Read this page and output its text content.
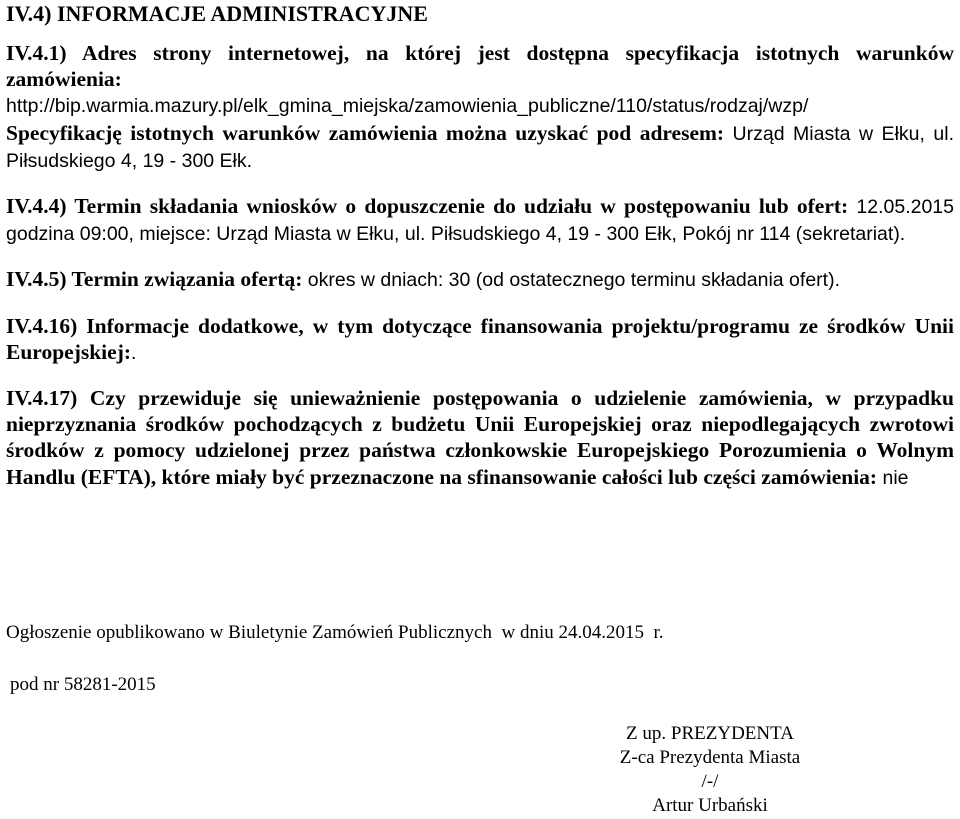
IV.4) INFORMACJE ADMINISTRACYJNE

IV.4.1) Adres strony internetowej, na której jest dostępna specyfikacja istotnych warunków zamówienia:
http://bip.warmia.mazury.pl/elk_gmina_miejska/zamowienia_publiczne/110/status/rodzaj/wzp/
Specyfikację istotnych warunków zamówienia można uzyskać pod adresem: Urząd Miasta w Ełku, ul. Piłsudskiego 4, 19 - 300 Ełk.

IV.4.4) Termin składania wniosków o dopuszczenie do udziału w postępowaniu lub ofert: 12.05.2015 godzina 09:00, miejsce: Urząd Miasta w Ełku, ul. Piłsudskiego 4, 19 - 300 Ełk, Pokój nr 114 (sekretariat).

IV.4.5) Termin związania ofertą: okres w dniach: 30 (od ostatecznego terminu składania ofert).

IV.4.16) Informacje dodatkowe, w tym dotyczące finansowania projektu/programu ze środków Unii Europejskiej:.

IV.4.17) Czy przewiduje się unieważnienie postępowania o udzielenie zamówienia, w przypadku nieprzyznania środków pochodzących z budżetu Unii Europejskiej oraz niepodlegających zwrotowi środków z pomocy udzielonej przez państwa członkowskie Europejskiego Porozumienia o Wolnym Handlu (EFTA), które miały być przeznaczone na sfinansowanie całości lub części zamówienia: nie

Ogłoszenie opublikowano w Biuletynie Zamówień Publicznych  w dniu 24.04.2015  r.

pod nr 58281-2015

Z up. PREZYDENTA
Z-ca Prezydenta Miasta
/-/
Artur Urbański
